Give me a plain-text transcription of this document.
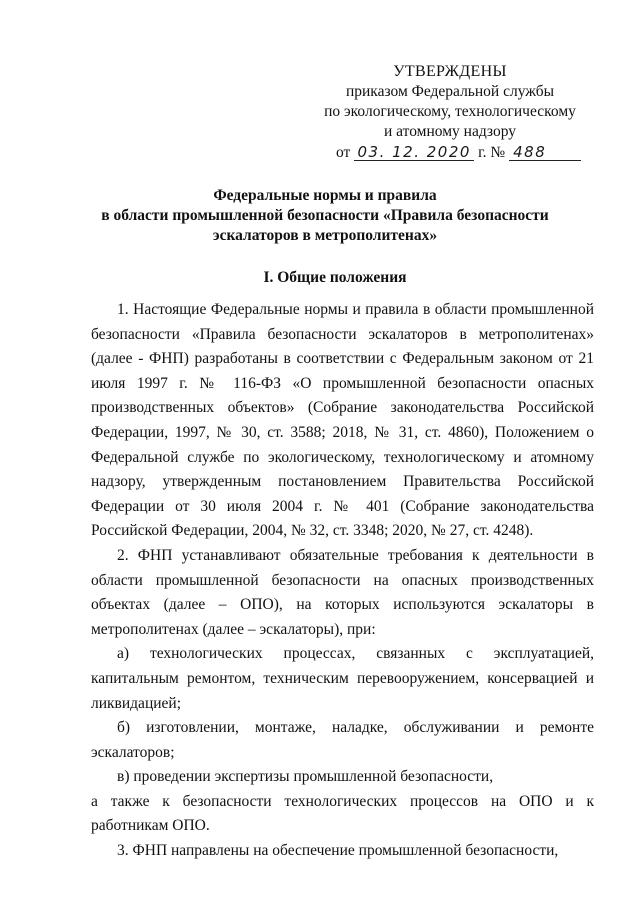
УТВЕРЖДЕНЫ
приказом Федеральной службы
по экологическому, технологическому
и атомному надзору
от 03. 12. 2020 г. № 488
Федеральные нормы и правила
в области промышленной безопасности «Правила безопасности
эскалаторов в метрополитенах»
I. Общие положения

1. Настоящие Федеральные нормы и правила в области промышленной безопасности «Правила безопасности эскалаторов в метрополитенах» (далее - ФНП) разработаны в соответствии с Федеральным законом от 21 июля 1997 г. № 116-ФЗ «О промышленной безопасности опасных производственных объектов» (Собрание законодательства Российской Федерации, 1997, № 30, ст. 3588; 2018, № 31, ст. 4860), Положением о Федеральной службе по экологическому, технологическому и атомному надзору, утвержденным постановлением Правительства Российской Федерации от 30 июля 2004 г. № 401 (Собрание законодательства Российской Федерации, 2004, № 32, ст. 3348; 2020, № 27, ст. 4248).

2. ФНП устанавливают обязательные требования к деятельности в области промышленной безопасности на опасных производственных объектах (далее – ОПО), на которых используются эскалаторы в метрополитенах (далее – эскалаторы), при:

а) технологических процессах, связанных с эксплуатацией, капитальным ремонтом, техническим перевооружением, консервацией и ликвидацией;

б) изготовлении, монтаже, наладке, обслуживании и ремонте эскалаторов;

в) проведении экспертизы промышленной безопасности,

а также к безопасности технологических процессов на ОПО и к работникам ОПО.

3. ФНП направлены на обеспечение промышленной безопасности,
